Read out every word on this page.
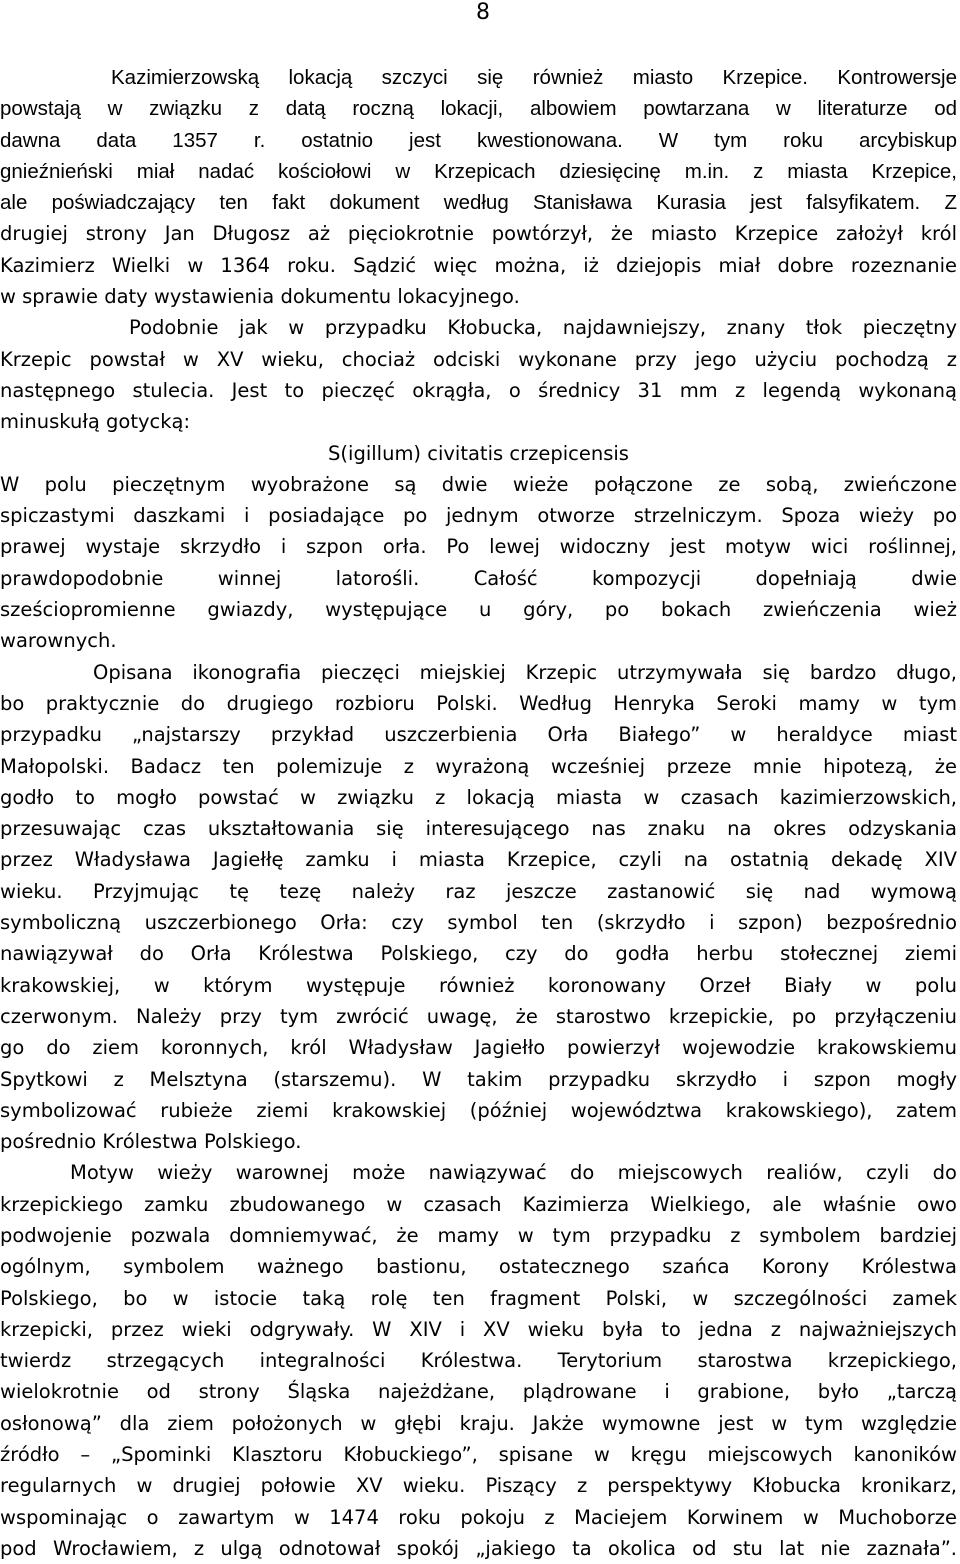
8
Kazimierzowską lokacją szczyci się również miasto Krzepice. Kontrowersje
powstają w związku z datą roczną lokacji, albowiem powtarzana w literaturze od
dawna data 1357 r. ostatnio jest kwestionowana. W tym roku arcybiskup
gnieźnieński miał nadać kościołowi w Krzepicach dziesięcinę m.in. z miasta Krzepice,
ale poświadczający ten fakt dokument według Stanisława Kurasia jest falsyfikatem. Z
drugiej strony Jan Długosz aż pięciokrotnie powtórzył, że miasto Krzepice założył król
Kazimierz Wielki w 1364 roku. Sądzić więc można, iż dziejopis miał dobre rozeznanie
w sprawie daty wystawienia dokumentu lokacyjnego.
Podobnie jak w przypadku Kłobucka, najdawniejszy, znany tłok pieczętny
Krzepic powstał w XV wieku, chociaż odciski wykonane przy jego użyciu pochodzą z
następnego stulecia. Jest to pieczęć okrągła, o średnicy 31 mm z legendą wykonaną
minuskułą gotycką:
S(igillum) civitatis crzepicensis
W polu pieczętnym wyobrażone są dwie wieże połączone ze sobą, zwieńczone
spiczastymi daszkami i posiadające po jednym otworze strzelniczym. Spoza wieży po
prawej wystaje skrzydło i szpon orła. Po lewej widoczny jest motyw wici roślinnej,
prawdopodobnie winnej latorośli. Całość kompozycji dopełniają dwie
sześciopromienne gwiazdy, występujące u góry, po bokach zwieńczenia wież
warownych.
Opisana ikonografia pieczęci miejskiej Krzepic utrzymywała się bardzo długo,
bo praktycznie do drugiego rozbioru Polski. Według Henryka Seroki mamy w tym
przypadku „najstarszy przykład uszczerbienia Orła Białego” w heraldyce miast
Małopolski. Badacz ten polemizuje z wyrażoną wcześniej przeze mnie hipotezą, że
godło to mogło powstać w związku z lokacją miasta w czasach kazimierzowskich,
przesuwając czas ukształtowania się interesującego nas znaku na okres odzyskania
przez Władysława Jagiełłę zamku i miasta Krzepice, czyli na ostatnią dekadę XIV
wieku. Przyjmując tę tezę należy raz jeszcze zastanowić się nad wymową
symboliczną uszczerbionego Orła: czy symbol ten (skrzydło i szpon) bezpośrednio
nawiązywał do Orła Królestwa Polskiego, czy do godła herbu stołecznej ziemi
krakowskiej, w którym występuje również koronowany Orzeł Biały w polu
czerwonym. Należy przy tym zwrócić uwagę, że starostwo krzepickie, po przyłączeniu
go do ziem koronnych, król Władysław Jagiełło powierzył wojewodzie krakowskiemu
Spytkowi z Melsztyna (starszemu). W takim przypadku skrzydło i szpon mogły
symbolizować rubieże ziemi krakowskiej (później województwa krakowskiego), zatem
pośrednio Królestwa Polskiego.
Motyw wieży warownej może nawiązywać do miejscowych realiów, czyli do
krzepickiego zamku zbudowanego w czasach Kazimierza Wielkiego, ale właśnie owo
podwojenie pozwala domniemywać, że mamy w tym przypadku z symbolem bardziej
ogólnym, symbolem ważnego bastionu, ostatecznego szańca Korony Królestwa
Polskiego, bo w istocie taką rolę ten fragment Polski, w szczególności zamek
krzepicki, przez wieki odgrywały. W XIV i XV wieku była to jedna z najważniejszych
twierdz strzegących integralności Królestwa. Terytorium starostwa krzepickiego,
wielokrotnie od strony Śląska najeżdżane, plądrowane i grabione, było „tarczą
osłonową” dla ziem położonych w głębi kraju. Jakże wymowne jest w tym względzie
źródło – „Spominki Klasztoru Kłobuckiego”, spisane w kręgu miejscowych kanoników
regularnych w drugiej połowie XV wieku. Piszący z perspektywy Kłobucka kronikarz,
wspominając o zawartym w 1474 roku pokoju z Maciejem Korwinem w Muchoborze
pod Wrocławiem, z ulgą odnotował spokój „jakiego ta okolica od stu lat nie zaznała”.
